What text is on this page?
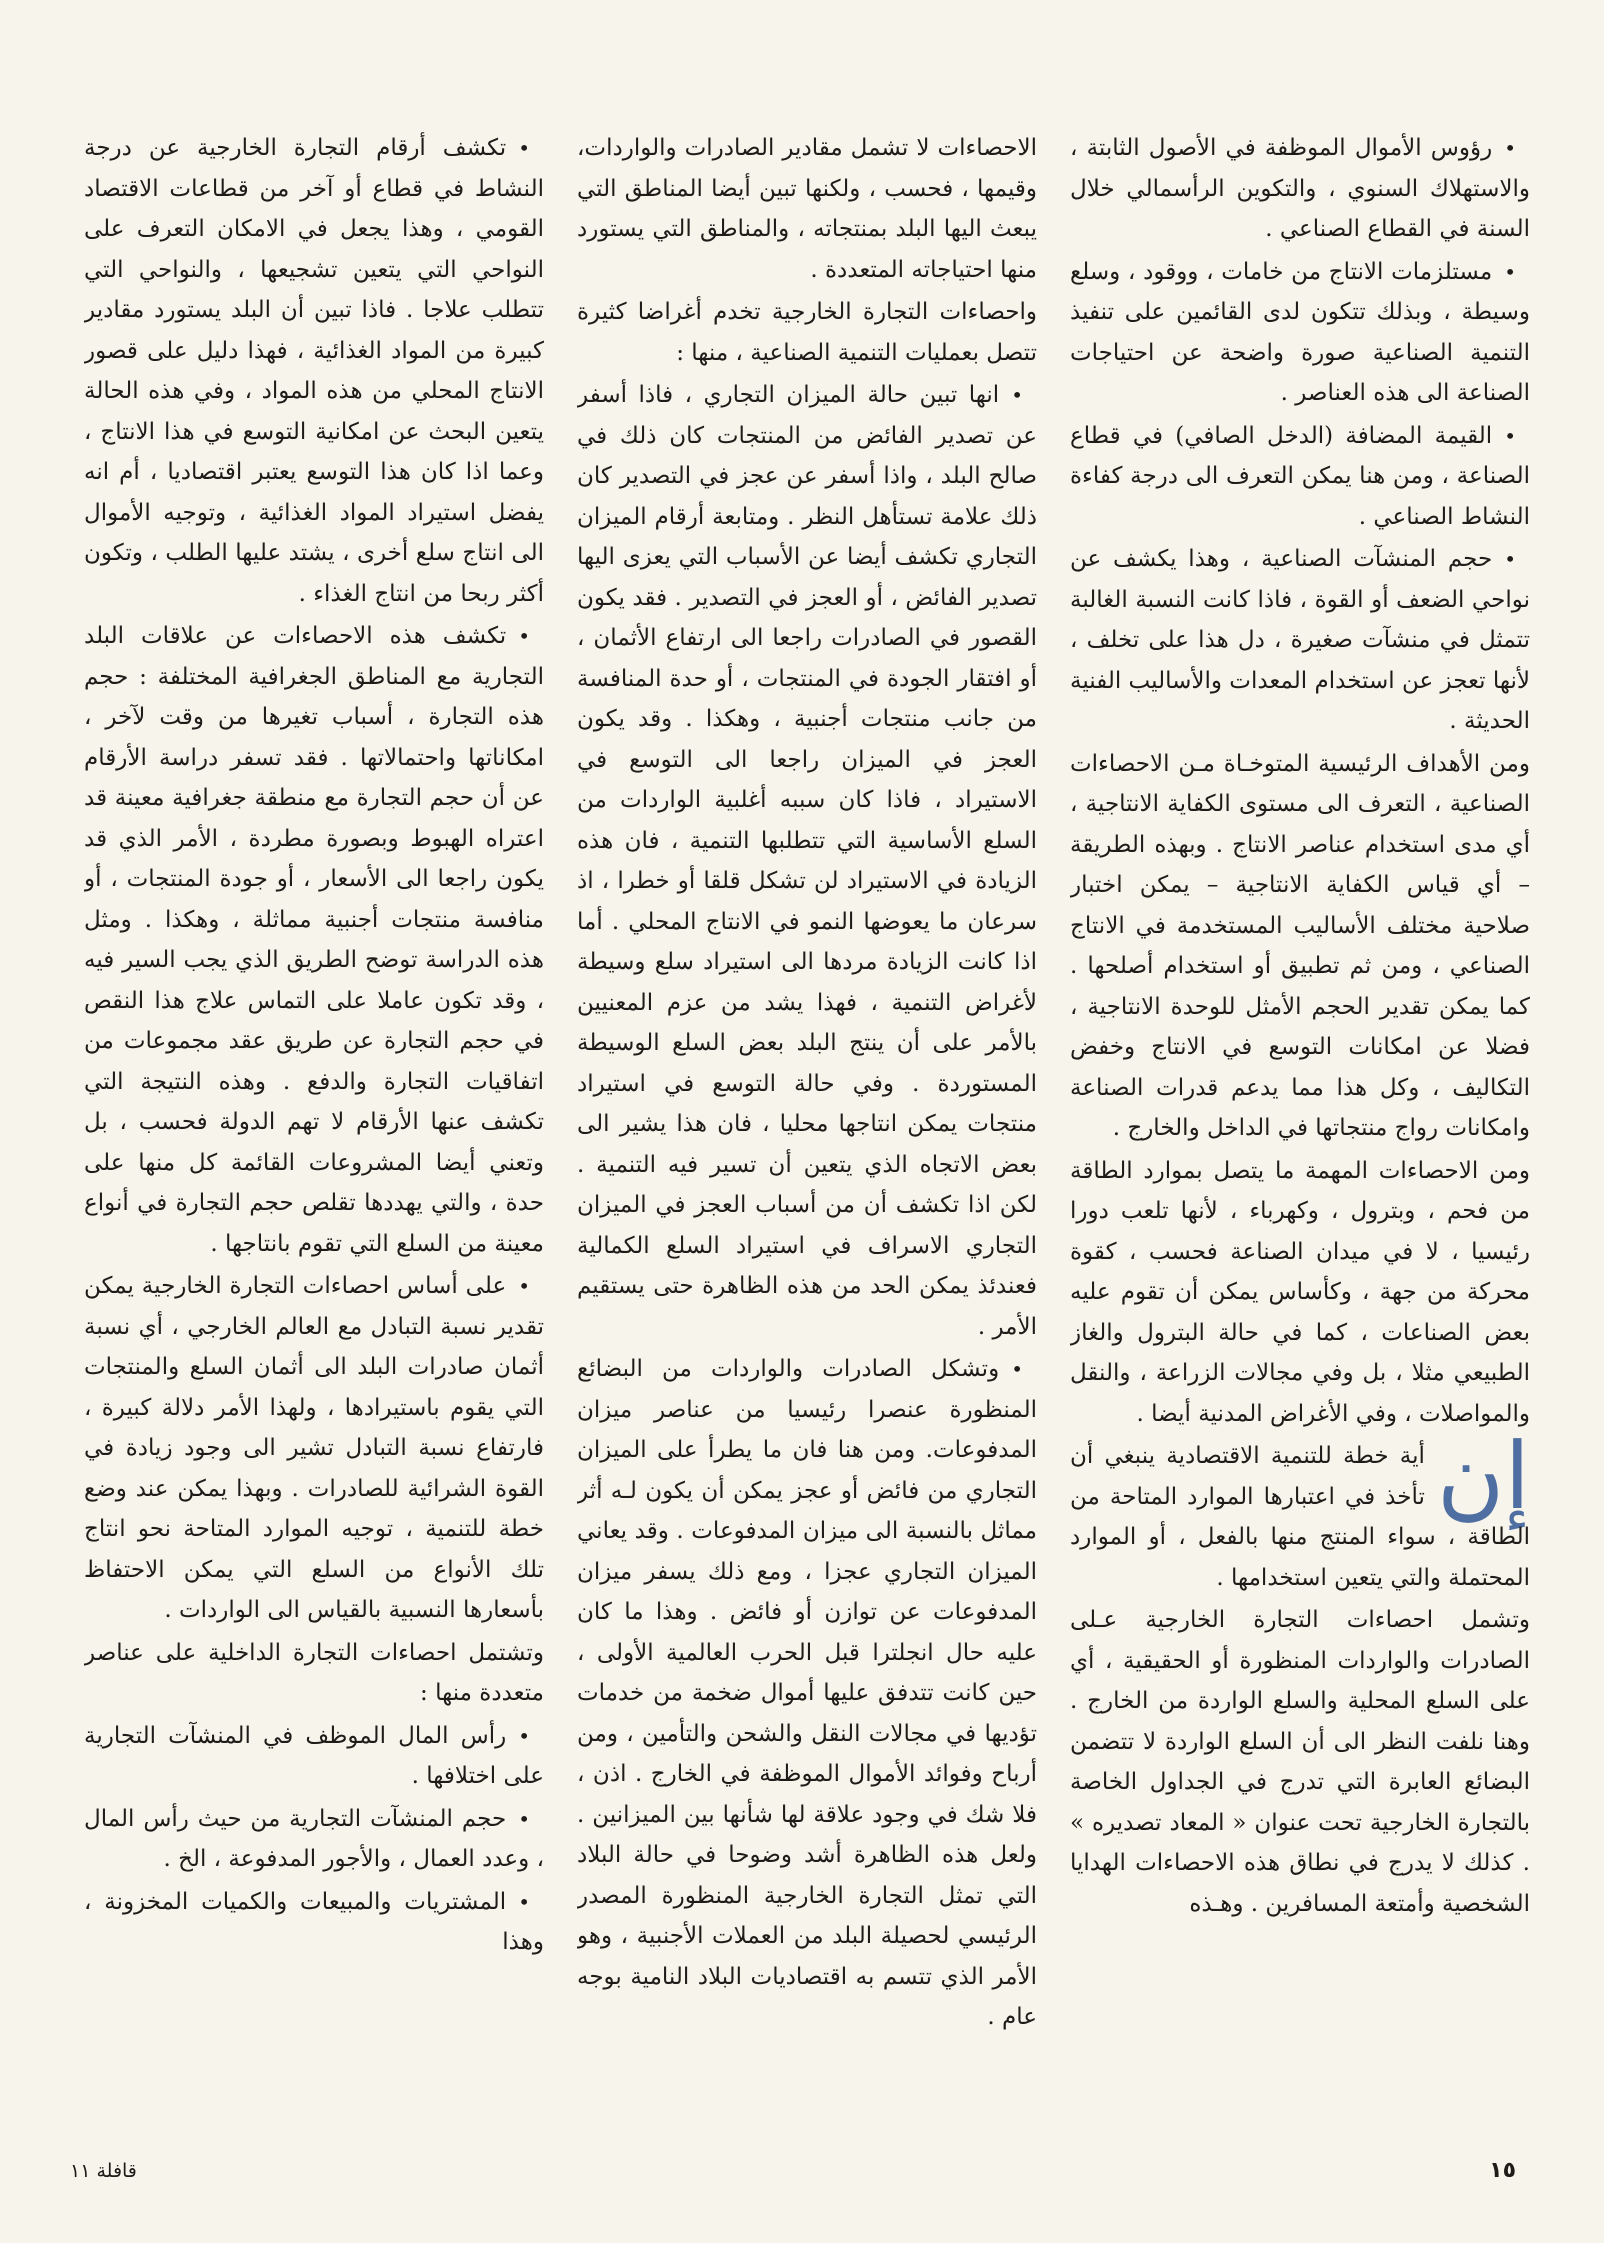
• رؤوس الأموال الموظفة في الأصول الثابتة ، والاستهلاك السنوي ، والتكوين الرأسمالي خلال السنة في القطاع الصناعي .

• مستلزمات الانتاج من خامات ، ووقود ، وسلع وسيطة ، وبذلك تتكون لدى القائمين على تنفيذ التنمية الصناعية صورة واضحة عن احتياجات الصناعة الى هذه العناصر .

• القيمة المضافة (الدخل الصافي) في قطاع الصناعة ، ومن هنا يمكن التعرف الى درجة كفاءة النشاط الصناعي .

• حجم المنشآت الصناعية ، وهذا يكشف عن نواحي الضعف أو القوة ، فاذا كانت النسبة الغالبة تتمثل في منشآت صغيرة ، دل هذا على تخلف ، لأنها تعجز عن استخدام المعدات والأساليب الفنية الحديثة .

ومن الأهداف الرئيسية المتوخـاة مـن الاحصاءات الصناعية ، التعرف الى مستوى الكفاية الانتاجية ، أي مدى استخدام عناصر الانتاج . وبهذه الطريقة – أي قياس الكفاية الانتاجية – يمكن اختبار صلاحية مختلف الأساليب المستخدمة في الانتاج الصناعي ، ومن ثم تطبيق أو استخدام أصلحها . كما يمكن تقدير الحجم الأمثل للوحدة الانتاجية ، فضلا عن امكانات التوسع في الانتاج وخفض التكاليف ، وكل هذا مما يدعم قدرات الصناعة وامكانات رواج منتجاتها في الداخل والخارج .

ومن الاحصاءات المهمة ما يتصل بموارد الطاقة من فحم ، وبترول ، وكهرباء ، لأنها تلعب دورا رئيسيا ، لا في ميدان الصناعة فحسب ، كقوة محركة من جهة ، وكأساس يمكن أن تقوم عليه بعض الصناعات ، كما في حالة البترول والغاز الطبيعي مثلا ، بل وفي مجالات الزراعة ، والنقل والمواصلات ، وفي الأغراض المدنية أيضا .

إن

أية خطة للتنمية الاقتصادية ينبغي أن تأخذ في اعتبارها الموارد المتاحة من الطاقة ، سواء المنتج منها بالفعل ، أو الموارد المحتملة والتي يتعين استخدامها .

وتشمل احصاءات التجارة الخارجية عـلى الصادرات والواردات المنظورة أو الحقيقية ، أي على السلع المحلية والسلع الواردة من الخارج . وهنا نلفت النظر الى أن السلع الواردة لا تتضمن البضائع العابرة التي تدرج في الجداول الخاصة بالتجارة الخارجية تحت عنوان « المعاد تصديره » . كذلك لا يدرج في نطاق هذه الاحصاءات الهدايا الشخصية وأمتعة المسافرين . وهـذه

الاحصاءات لا تشمل مقادير الصادرات والواردات، وقيمها ، فحسب ، ولكنها تبين أيضا المناطق التي يبعث اليها البلد بمنتجاته ، والمناطق التي يستورد منها احتياجاته المتعددة .

واحصاءات التجارة الخارجية تخدم أغراضا كثيرة تتصل بعمليات التنمية الصناعية ، منها :

• انها تبين حالة الميزان التجاري ، فاذا أسفر عن تصدير الفائض من المنتجات كان ذلك في صالح البلد ، واذا أسفر عن عجز في التصدير كان ذلك علامة تستأهل النظر . ومتابعة أرقام الميزان التجاري تكشف أيضا عن الأسباب التي يعزى اليها تصدير الفائض ، أو العجز في التصدير . فقد يكون القصور في الصادرات راجعا الى ارتفاع الأثمان ، أو افتقار الجودة في المنتجات ، أو حدة المنافسة من جانب منتجات أجنبية ، وهكذا . وقد يكون العجز في الميزان راجعا الى التوسع في الاستيراد ، فاذا كان سببه أغلبية الواردات من السلع الأساسية التي تتطلبها التنمية ، فان هذه الزيادة في الاستيراد لن تشكل قلقا أو خطرا ، اذ سرعان ما يعوضها النمو في الانتاج المحلي . أما اذا كانت الزيادة مردها الى استيراد سلع وسيطة لأغراض التنمية ، فهذا يشد من عزم المعنيين بالأمر على أن ينتج البلد بعض السلع الوسيطة المستوردة . وفي حالة التوسع في استيراد منتجات يمكن انتاجها محليا ، فان هذا يشير الى بعض الاتجاه الذي يتعين أن تسير فيه التنمية . لكن اذا تكشف أن من أسباب العجز في الميزان التجاري الاسراف في استيراد السلع الكمالية فعندئذ يمكن الحد من هذه الظاهرة حتى يستقيم الأمر .

• وتشكل الصادرات والواردات من البضائع المنظورة عنصرا رئيسيا من عناصر ميزان المدفوعات. ومن هنا فان ما يطرأ على الميزان التجاري من فائض أو عجز يمكن أن يكون لـه أثر مماثل بالنسبة الى ميزان المدفوعات . وقد يعاني الميزان التجاري عجزا ، ومع ذلك يسفر ميزان المدفوعات عن توازن أو فائض . وهذا ما كان عليه حال انجلترا قبل الحرب العالمية الأولى ، حين كانت تتدفق عليها أموال ضخمة من خدمات تؤديها في مجالات النقل والشحن والتأمين ، ومن أرباح وفوائد الأموال الموظفة في الخارج . اذن ، فلا شك في وجود علاقة لها شأنها بين الميزانين . ولعل هذه الظاهرة أشد وضوحا في حالة البلاد التي تمثل التجارة الخارجية المنظورة المصدر الرئيسي لحصيلة البلد من العملات الأجنبية ، وهو الأمر الذي تتسم به اقتصاديات البلاد النامية بوجه عام .

• تكشف أرقام التجارة الخارجية عن درجة النشاط في قطاع أو آخر من قطاعات الاقتصاد القومي ، وهذا يجعل في الامكان التعرف على النواحي التي يتعين تشجيعها ، والنواحي التي تتطلب علاجا . فاذا تبين أن البلد يستورد مقادير كبيرة من المواد الغذائية ، فهذا دليل على قصور الانتاج المحلي من هذه المواد ، وفي هذه الحالة يتعين البحث عن امكانية التوسع في هذا الانتاج ، وعما اذا كان هذا التوسع يعتبر اقتصاديا ، أم انه يفضل استيراد المواد الغذائية ، وتوجيه الأموال الى انتاج سلع أخرى ، يشتد عليها الطلب ، وتكون أكثر ربحا من انتاج الغذاء .

• تكشف هذه الاحصاءات عن علاقات البلد التجارية مع المناطق الجغرافية المختلفة : حجم هذه التجارة ، أسباب تغيرها من وقت لآخر ، امكاناتها واحتمالاتها . فقد تسفر دراسة الأرقام عن أن حجم التجارة مع منطقة جغرافية معينة قد اعتراه الهبوط وبصورة مطردة ، الأمر الذي قد يكون راجعا الى الأسعار ، أو جودة المنتجات ، أو منافسة منتجات أجنبية مماثلة ، وهكذا . ومثل هذه الدراسة توضح الطريق الذي يجب السير فيه ، وقد تكون عاملا على التماس علاج هذا النقص في حجم التجارة عن طريق عقد مجموعات من اتفاقيات التجارة والدفع . وهذه النتيجة التي تكشف عنها الأرقام لا تهم الدولة فحسب ، بل وتعني أيضا المشروعات القائمة كل منها على حدة ، والتي يهددها تقلص حجم التجارة في أنواع معينة من السلع التي تقوم بانتاجها .

• على أساس احصاءات التجارة الخارجية يمكن تقدير نسبة التبادل مع العالم الخارجي ، أي نسبة أثمان صادرات البلد الى أثمان السلع والمنتجات التي يقوم باستيرادها ، ولهذا الأمر دلالة كبيرة ، فارتفاع نسبة التبادل تشير الى وجود زيادة في القوة الشرائية للصادرات . وبهذا يمكن عند وضع خطة للتنمية ، توجيه الموارد المتاحة نحو انتاج تلك الأنواع من السلع التي يمكن الاحتفاظ بأسعارها النسبية بالقياس الى الواردات .

وتشتمل احصاءات التجارة الداخلية على عناصر متعددة منها :

• رأس المال الموظف في المنشآت التجارية على اختلافها .

• حجم المنشآت التجارية من حيث رأس المال ، وعدد العمال ، والأجور المدفوعة ، الخ .

• المشتريات والمبيعات والكميات المخزونة ، وهذا

١٥
قافلة ١١
